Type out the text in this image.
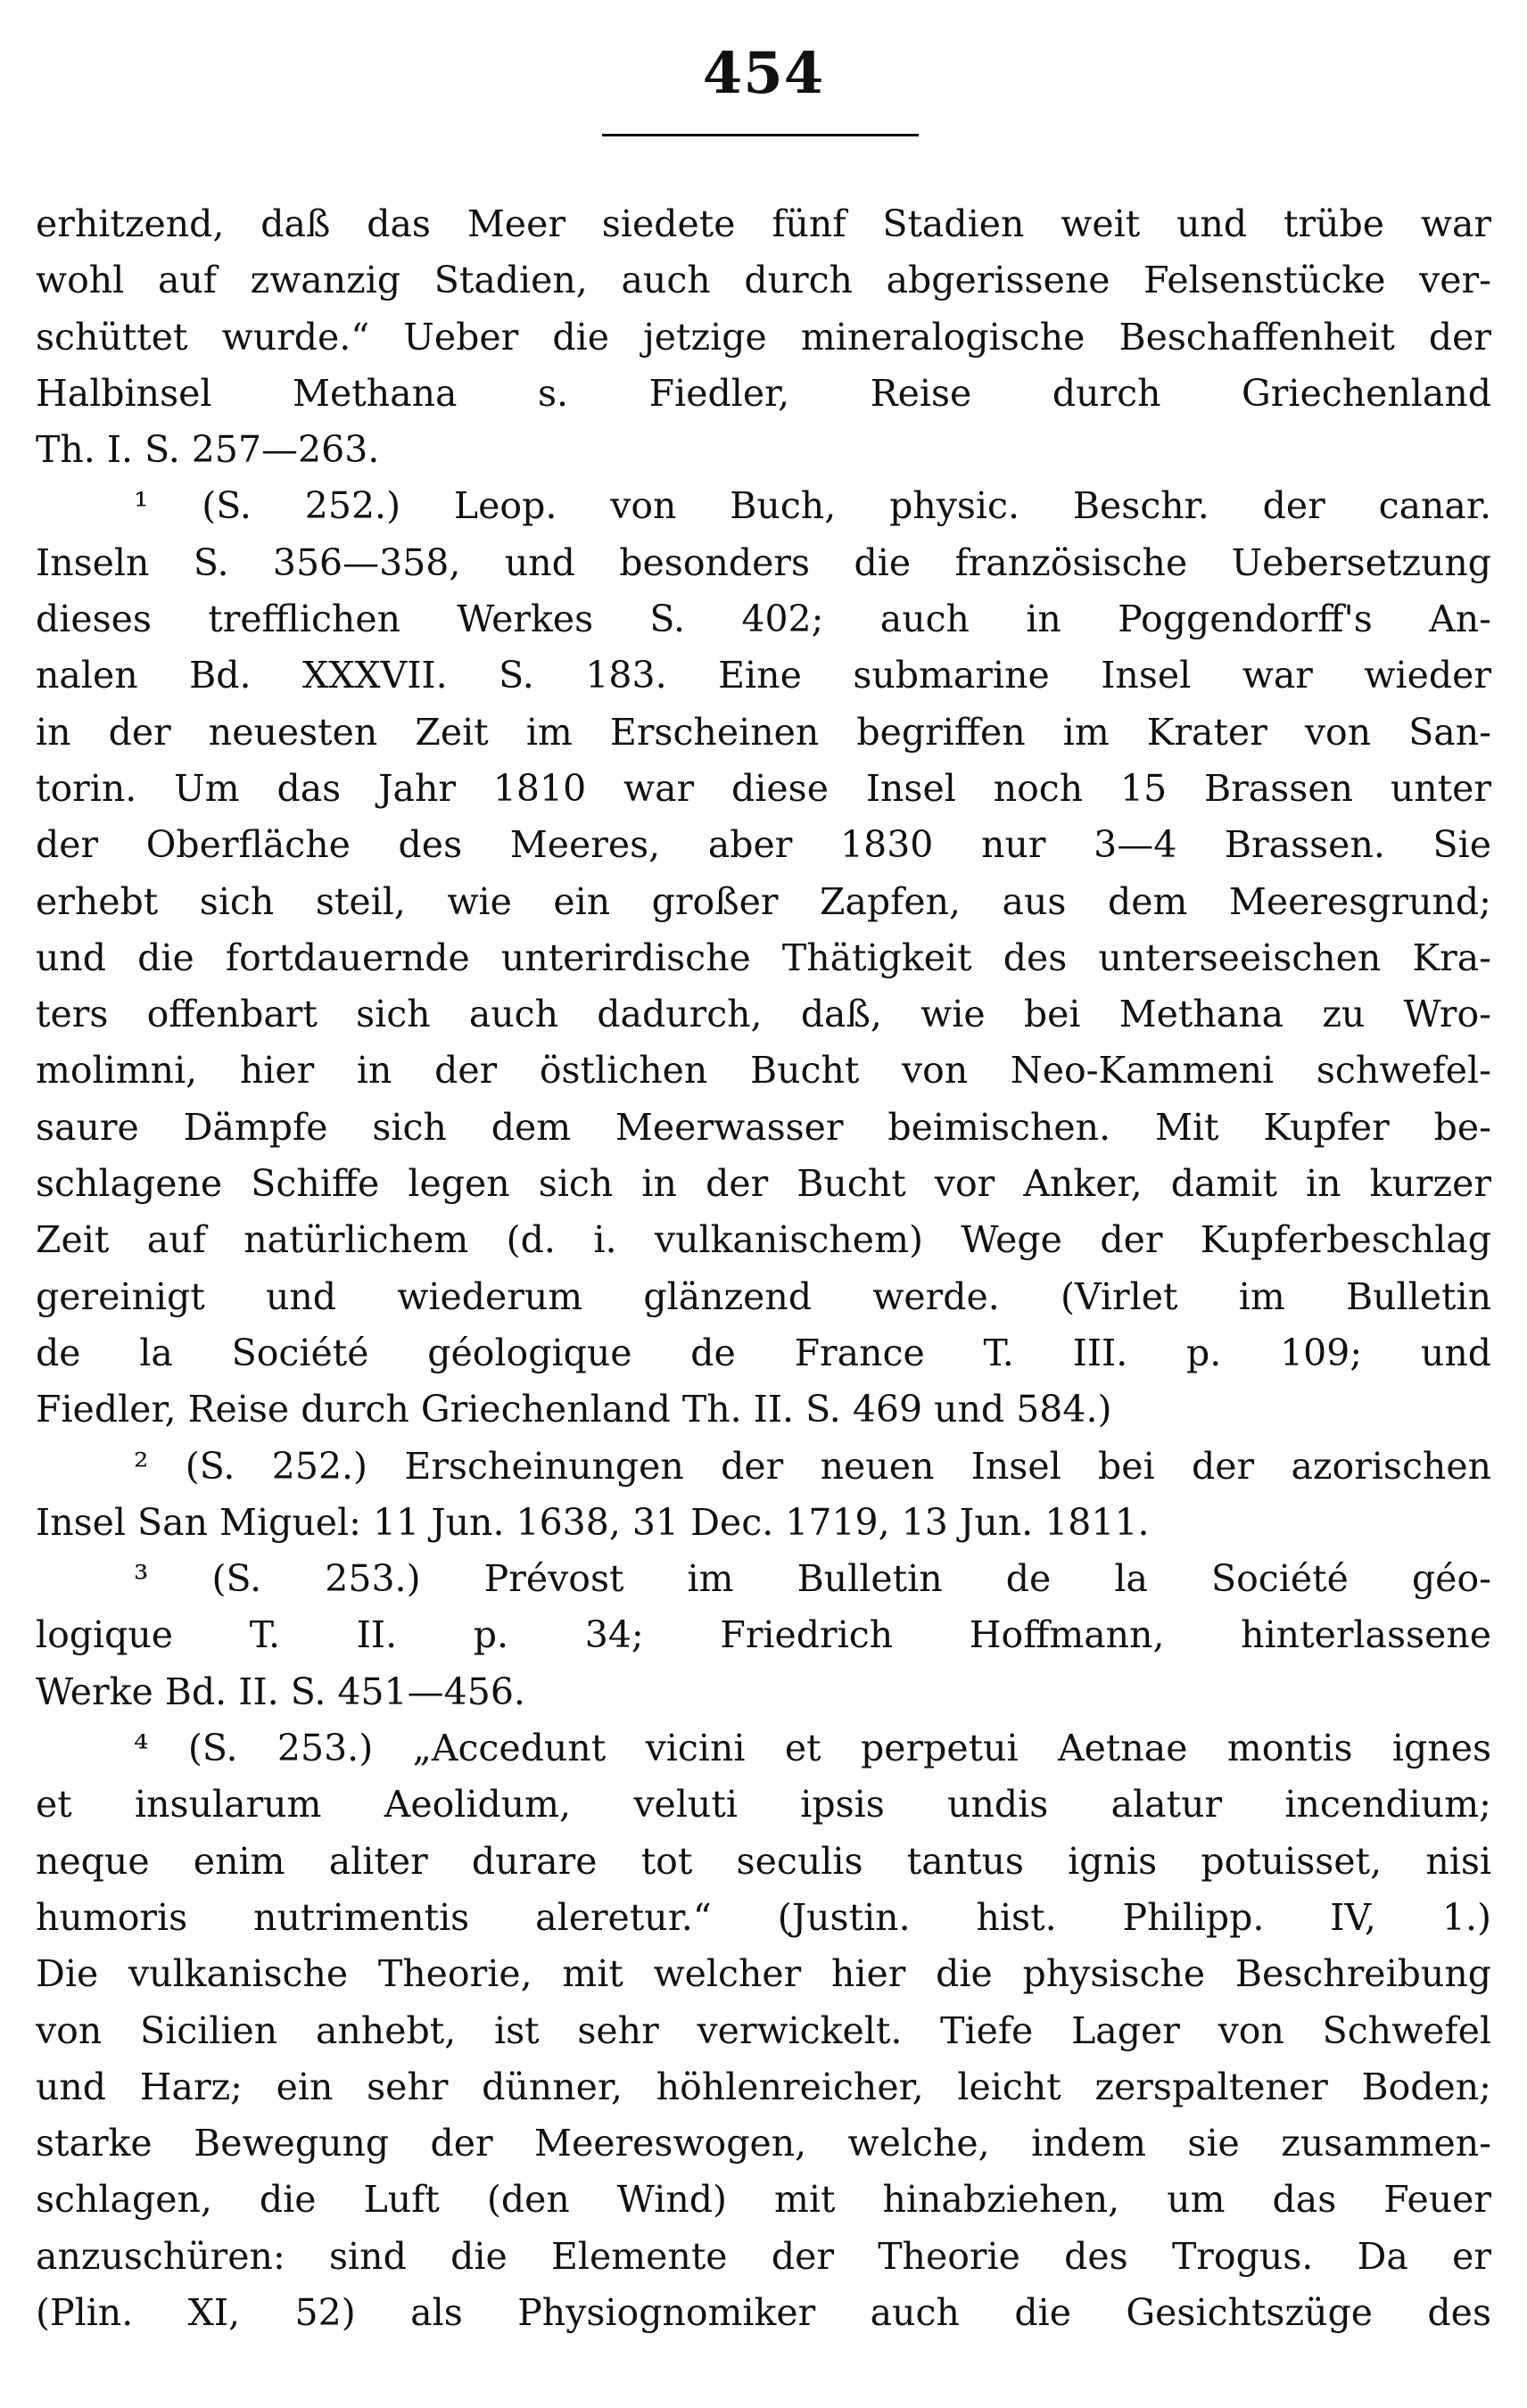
454
erhitzend, daß das Meer siedete fünf Stadien weit und trübe war
wohl auf zwanzig Stadien, auch durch abgerissene Felsenstücke ver-
schüttet wurde.“ Ueber die jetzige mineralogische Beschaffenheit der
Halbinsel Methana s. Fiedler, Reise durch Griechenland
Th. I. S. 257—263.
¹ (S. 252.) Leop. von Buch, physic. Beschr. der canar.
Inseln S. 356—358, und besonders die französische Uebersetzung
dieses trefflichen Werkes S. 402; auch in Poggendorff's An-
nalen Bd. XXXVII. S. 183. Eine submarine Insel war wieder
in der neuesten Zeit im Erscheinen begriffen im Krater von San-
torin. Um das Jahr 1810 war diese Insel noch 15 Brassen unter
der Oberfläche des Meeres, aber 1830 nur 3—4 Brassen. Sie
erhebt sich steil, wie ein großer Zapfen, aus dem Meeresgrund;
und die fortdauernde unterirdische Thätigkeit des unterseeischen Kra-
ters offenbart sich auch dadurch, daß, wie bei Methana zu Wro-
molimni, hier in der östlichen Bucht von Neo-Kammeni schwefel-
saure Dämpfe sich dem Meerwasser beimischen. Mit Kupfer be-
schlagene Schiffe legen sich in der Bucht vor Anker, damit in kurzer
Zeit auf natürlichem (d. i. vulkanischem) Wege der Kupferbeschlag
gereinigt und wiederum glänzend werde. (Virlet im Bulletin
de la Société géologique de France T. III. p. 109; und
Fiedler, Reise durch Griechenland Th. II. S. 469 und 584.)
² (S. 252.) Erscheinungen der neuen Insel bei der azorischen
Insel San Miguel: 11 Jun. 1638, 31 Dec. 1719, 13 Jun. 1811.
³ (S. 253.) Prévost im Bulletin de la Société géo-
logique T. II. p. 34; Friedrich Hoffmann, hinterlassene
Werke Bd. II. S. 451—456.
⁴ (S. 253.) „Accedunt vicini et perpetui Aetnae montis ignes
et insularum Aeolidum, veluti ipsis undis alatur incendium;
neque enim aliter durare tot seculis tantus ignis potuisset, nisi
humoris nutrimentis aleretur.“ (Justin. hist. Philipp. IV, 1.)
Die vulkanische Theorie, mit welcher hier die physische Beschreibung
von Sicilien anhebt, ist sehr verwickelt. Tiefe Lager von Schwefel
und Harz; ein sehr dünner, höhlenreicher, leicht zerspaltener Boden;
starke Bewegung der Meereswogen, welche, indem sie zusammen-
schlagen, die Luft (den Wind) mit hinabziehen, um das Feuer
anzuschüren: sind die Elemente der Theorie des Trogus. Da er
(Plin. XI, 52) als Physiognomiker auch die Gesichtszüge des
